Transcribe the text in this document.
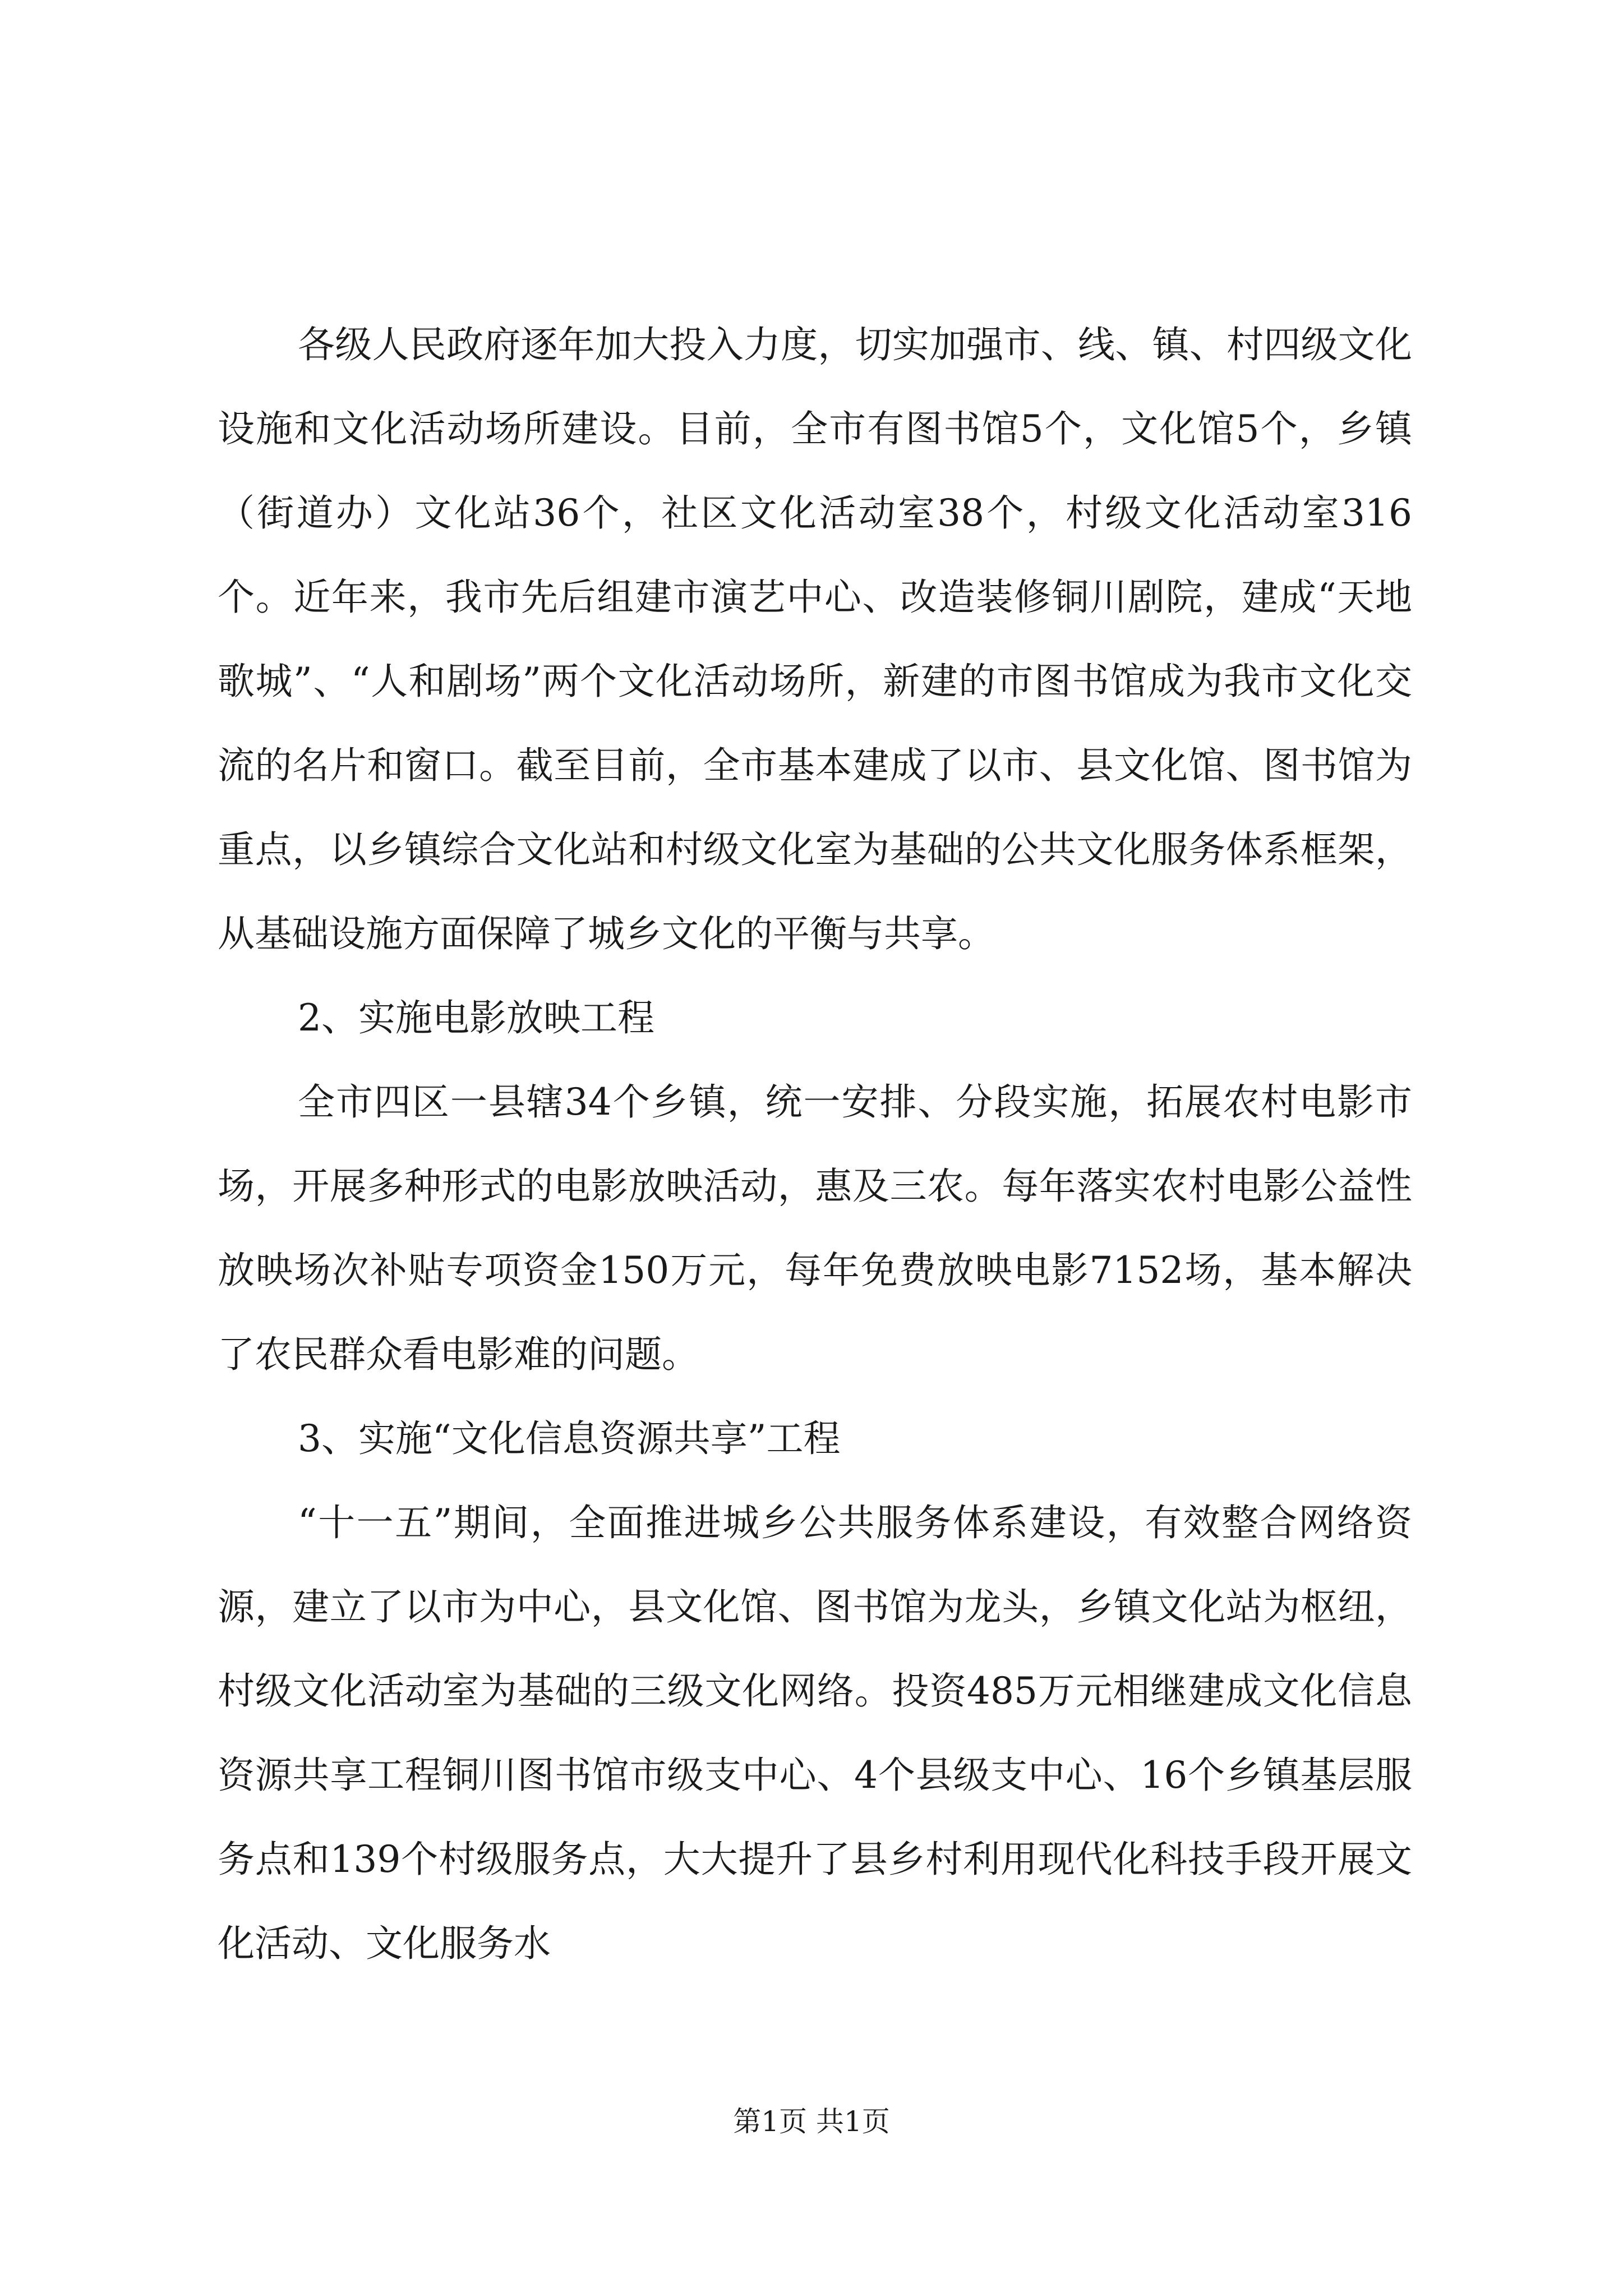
各级人民政府逐年加大投入力度，切实加强市、线、镇、村四级文化设施和文化活动场所建设。目前，全市有图书馆5个，文化馆5个，乡镇（街道办）文化站36个，社区文化活动室38个，村级文化活动室316个。近年来，我市先后组建市演艺中心、改造装修铜川剧院，建成“天地歌城”、“人和剧场”两个文化活动场所，新建的市图书馆成为我市文化交流的名片和窗口。截至目前，全市基本建成了以市、县文化馆、图书馆为重点，以乡镇综合文化站和村级文化室为基础的公共文化服务体系框架，从基础设施方面保障了城乡文化的平衡与共享。

2、实施电影放映工程

全市四区一县辖34个乡镇，统一安排、分段实施，拓展农村电影市场，开展多种形式的电影放映活动，惠及三农。每年落实农村电影公益性放映场次补贴专项资金150万元，每年免费放映电影7152场，基本解决了农民群众看电影难的问题。

3、实施“文化信息资源共享”工程

“十一五”期间，全面推进城乡公共服务体系建设，有效整合网络资源，建立了以市为中心，县文化馆、图书馆为龙头，乡镇文化站为枢纽，村级文化活动室为基础的三级文化网络。投资485万元相继建成文化信息资源共享工程铜川图书馆市级支中心、4个县级支中心、16个乡镇基层服务点和139个村级服务点，大大提升了县乡村利用现代化科技手段开展文化活动、文化服务水

第1页 共1页
